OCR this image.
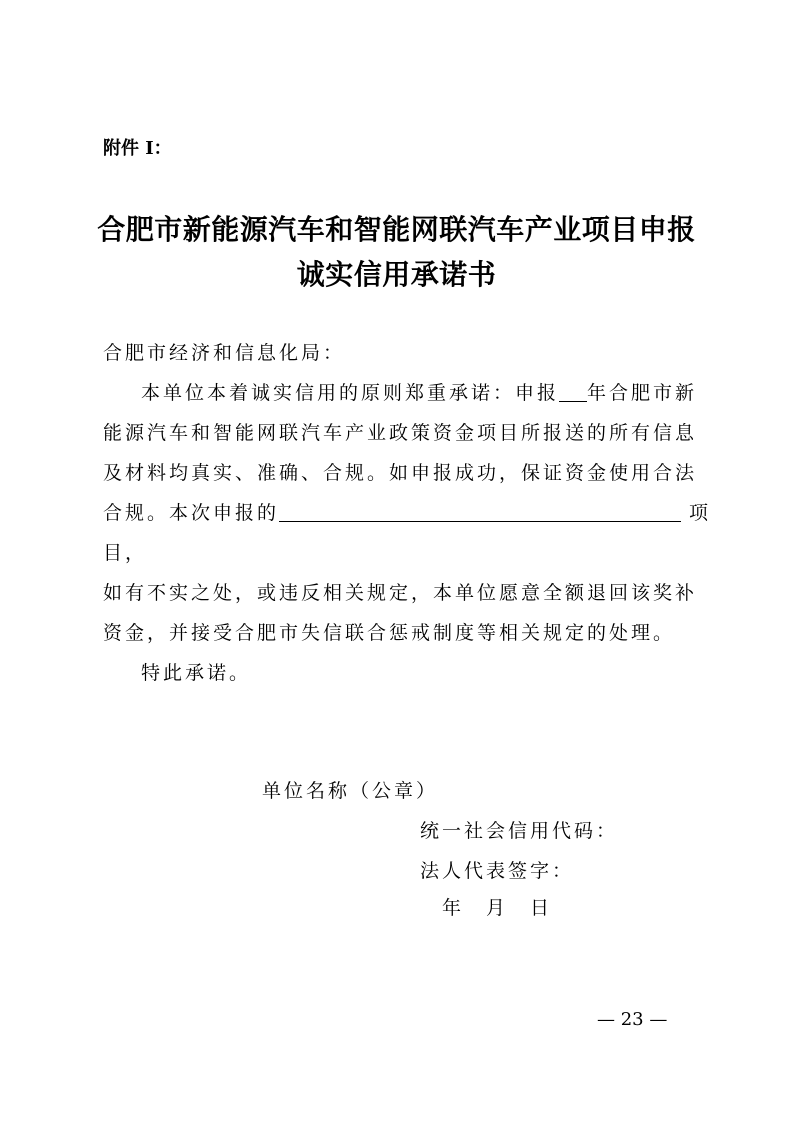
附件 I：
合肥市新能源汽车和智能网联汽车产业项目申报
诚实信用承诺书
合肥市经济和信息化局：
本单位本着诚实信用的原则郑重承诺：申报 年合肥市新
能源汽车和智能网联汽车产业政策资金项目所报送的所有信息
及材料均真实、准确、合规。如申报成功，保证资金使用合法
合规。本次申报的	项
目，
如有不实之处，或违反相关规定，本单位愿意全额退回该奖补
资金，并接受合肥市失信联合惩戒制度等相关规定的处理。
特此承诺。
单位名称（公章）
统一社会信用代码：
法人代表签字：
年　月　日
— 23 —
